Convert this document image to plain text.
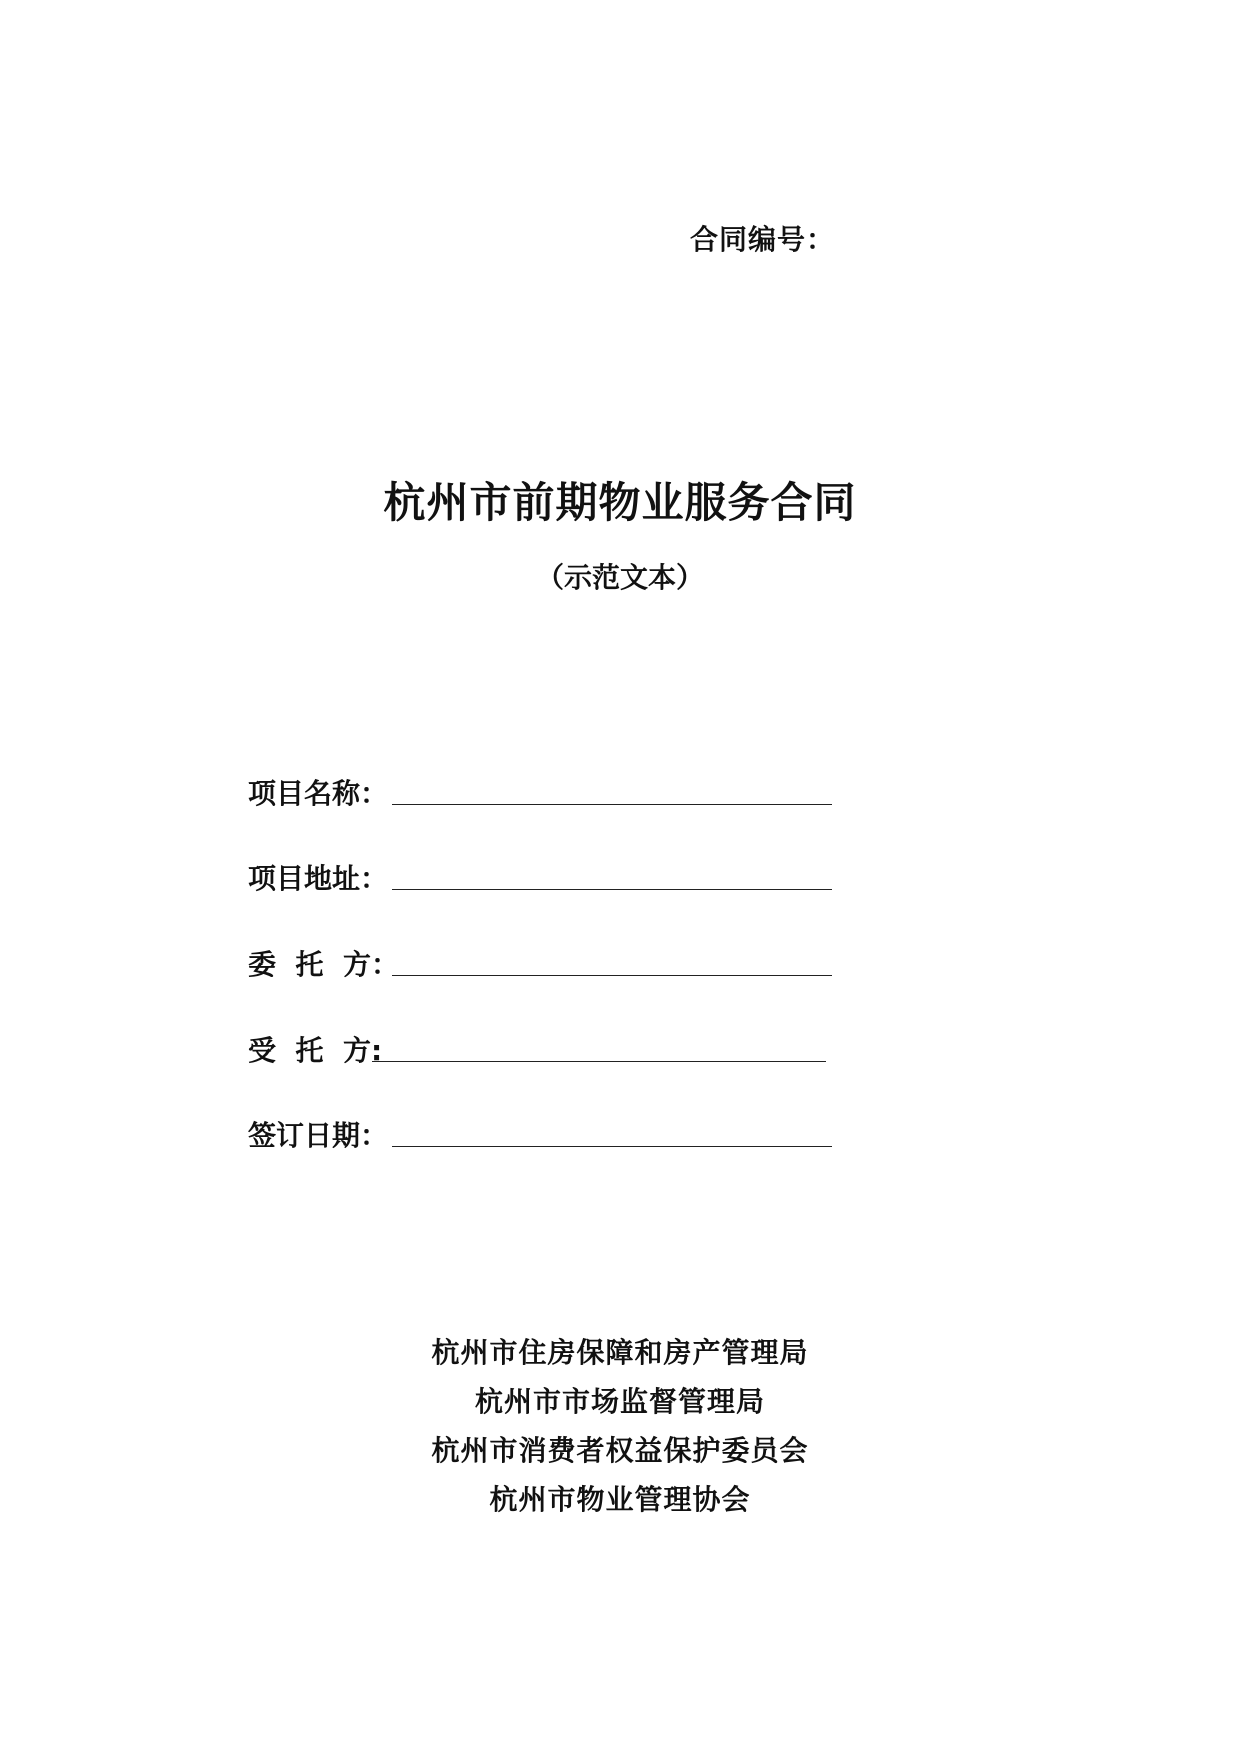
合同编号：
杭州市前期物业服务合同
（示范文本）
项目名称：
项目地址：
委  托  方：
受  托  方:
签订日期：
杭州市住房保障和房产管理局
杭州市市场监督管理局
杭州市消费者权益保护委员会
杭州市物业管理协会
